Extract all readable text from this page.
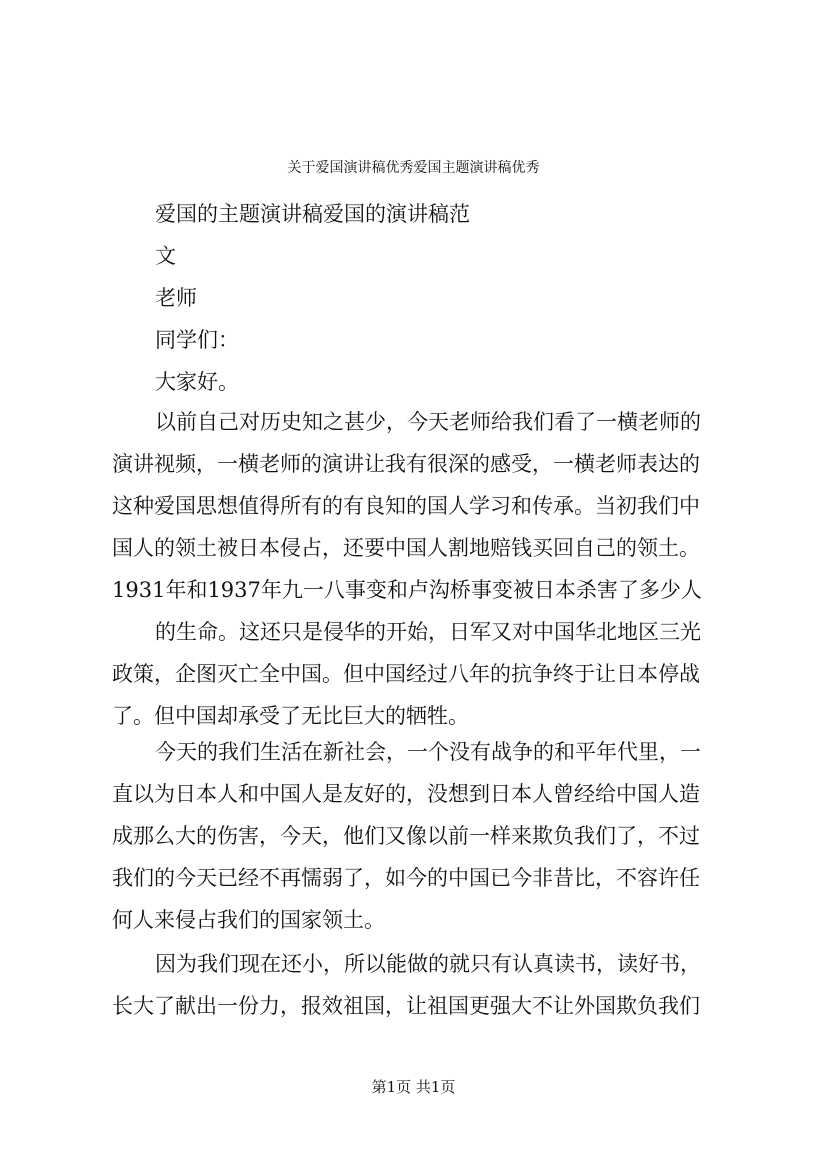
关于爱国演讲稿优秀爱国主题演讲稿优秀
爱国的主题演讲稿爱国的演讲稿范
文
老师
同学们：
大家好。
以前自己对历史知之甚少，今天老师给我们看了一横老师的
演讲视频，一横老师的演讲让我有很深的感受，一横老师表达的
这种爱国思想值得所有的有良知的国人学习和传承。当初我们中
国人的领土被日本侵占，还要中国人割地赔钱买回自己的领土。
1931年和1937年九一八事变和卢沟桥事变被日本杀害了多少人
的生命。这还只是侵华的开始，日军又对中国华北地区三光
政策，企图灭亡全中国。但中国经过八年的抗争终于让日本停战
了。但中国却承受了无比巨大的牺牲。
今天的我们生活在新社会，一个没有战争的和平年代里，一
直以为日本人和中国人是友好的，没想到日本人曾经给中国人造
成那么大的伤害，今天，他们又像以前一样来欺负我们了，不过
我们的今天已经不再懦弱了，如今的中国已今非昔比，不容许任
何人来侵占我们的国家领土。
因为我们现在还小，所以能做的就只有认真读书，读好书，
长大了献出一份力，报效祖国，让祖国更强大不让外国欺负我们
第1页 共1页
